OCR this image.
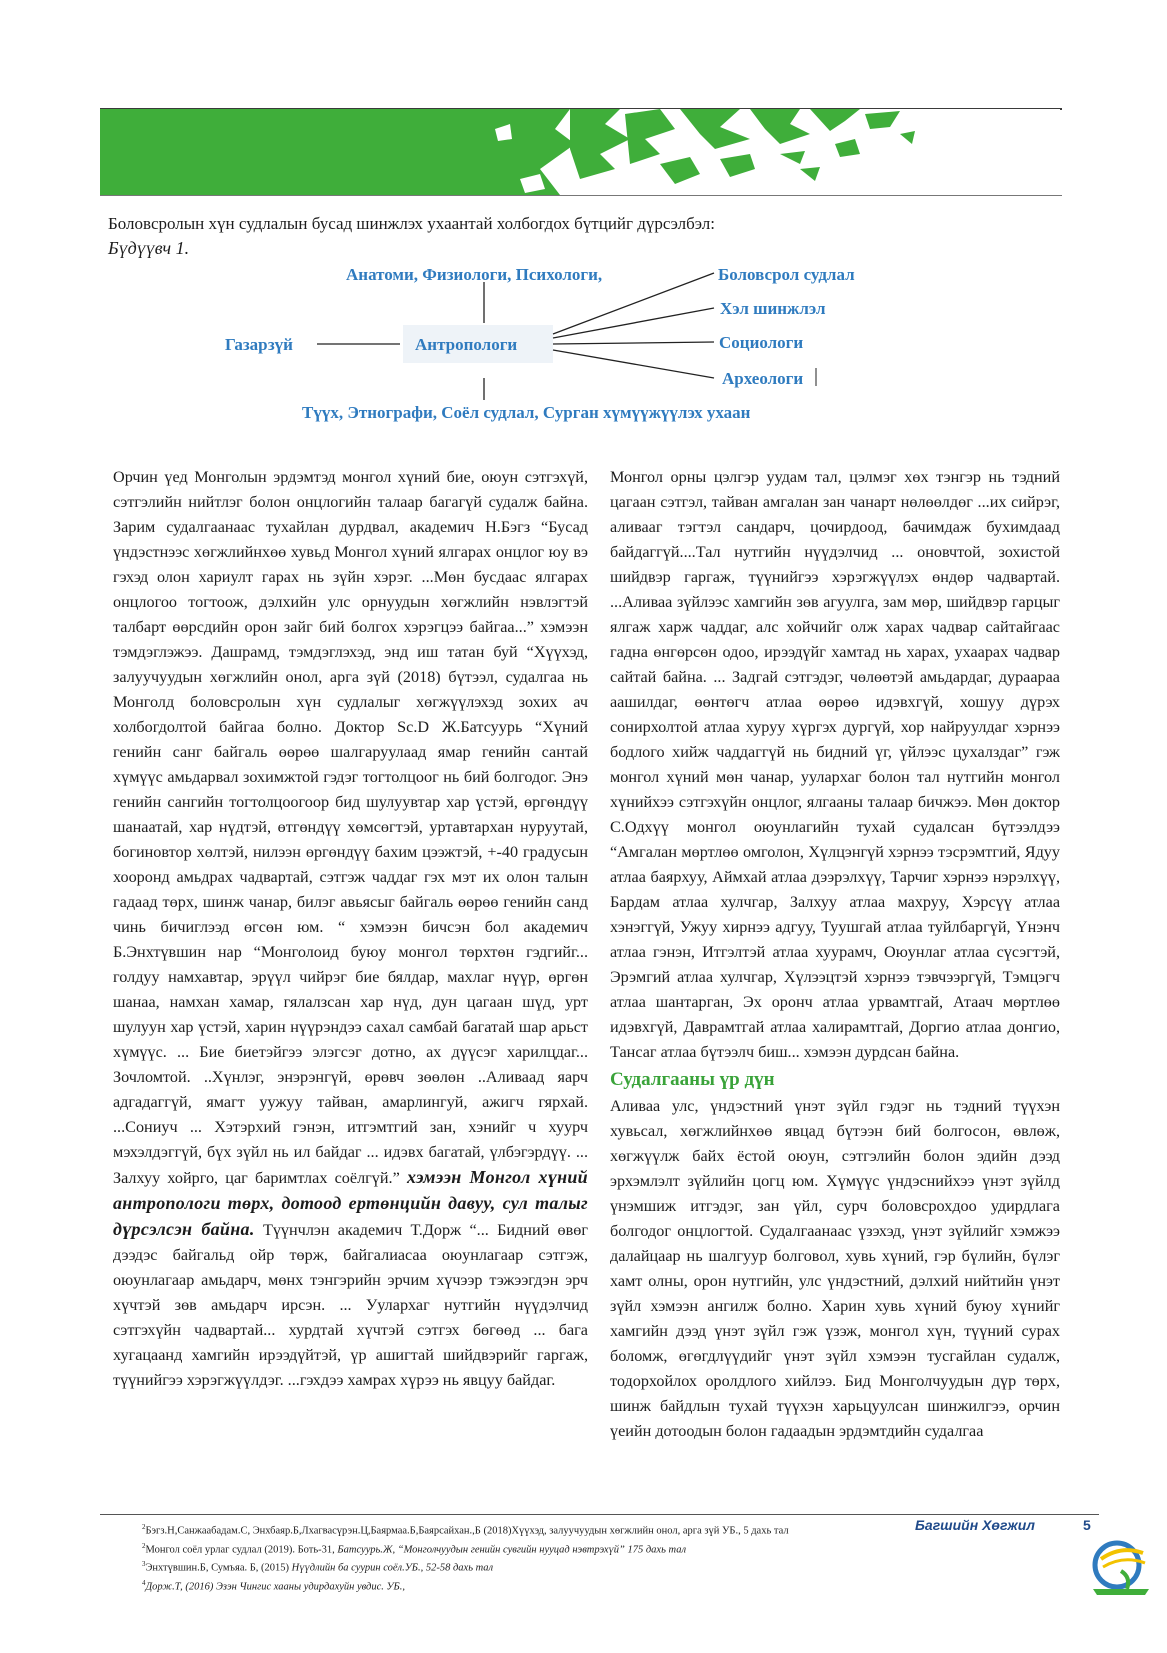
Боловсролын хүн судлалын бусад шинжлэх ухаантай холбогдох бүтцийг дүрсэлбэл:
Бүдүүвч 1.
Антропологи
Анатоми, Физиологи, Психологи,
Газарзүй
Түүх, Этнографи, Соёл судлал, Сурган хүмүүжүүлэх ухаан
Боловсрол судлал
Хэл шинжлэл
Социологи
Археологи

Орчин үед Монголын эрдэмтэд монгол хүний бие, оюун сэтгэхүй, сэтгэлийн нийтлэг болон онцлогийн талаар багагүй судалж байна. Зарим судалгаанаас тухайлан дурдвал, академич Н.Бэгз “Бусад үндэстнээс хөгжлийнхөө хувьд Монгол хүний ялгарах онцлог юу вэ гэхэд олон хариулт гарах нь зүйн хэрэг. ...Мөн бусдаас ялгарах онцлогоо тогтоож, дэлхийн улс орнуудын хөгжлийн нэвлэгтэй талбарт өөрсдийн орон зайг бий болгох хэрэгцээ байгаа...” хэмээн тэмдэглэжээ. Дашрамд, тэмдэглэхэд, энд иш татан буй “Хүүхэд, залуучуудын хөгжлийн онол, арга зүй (2018) бүтээл, судалгаа нь Монголд боловсролын хүн судлалыг хөгжүүлэхэд зохих ач холбогдолтой байгаа болно. Доктор Sc.D Ж.Батсуурь “Хүний генийн санг байгаль өөрөө шалгаруулаад ямар генийн сантай хүмүүс амьдарвал зохимжтой гэдэг тогтолцоог нь бий болгодог. Энэ генийн сангийн тогтолцоогоор бид шулуувтар хар үстэй, өргөндүү шанаатай, хар нүдтэй, өтгөндүү хөмсөгтэй, уртавтархан нуруутай, богиновтор хөлтэй, нилээн өргөндүү бахим цээжтэй, +-40 градусын хооронд амьдрах чадвартай, сэтгэж чаддаг гэх мэт их олон талын гадаад төрх, шинж чанар, билэг авьясыг байгаль өөрөө генийн санд чинь бичиглээд өгсөн юм. “ хэмээн бичсэн бол академич Б.Энхтүвшин нар “Монголоид буюу монгол төрхтөн гэдгийг... голдуу намхавтар, эрүүл чийрэг бие бялдар, махлаг нүүр, өргөн шанаа, намхан хамар, гялалзсан хар нүд, дун цагаан шүд, урт шулуун хар үстэй, харин нүүрэндээ сахал самбай багатай шар арьст хүмүүс. ... Бие биетэйгээ элэгсэг дотно, ах дүүсэг харилцдаг... Зочломтой. ..Хүнлэг, энэрэнгүй, өрөвч зөөлөн ..Аливаад яарч адгадаггүй, ямагт уужуу тайван, амарлингуй, ажигч гярхай. ...Сониуч ... Хэтэрхий гэнэн, итгэмтгий зан, хэнийг ч хуурч мэхэлдэггүй, бүх зүйл нь ил байдаг ... идэвх багатай, үлбэгэрдүү. ... Залхуу хойрго, цаг баримтлах соёлгүй.” хэмээн Монгол хүний антропологи төрх, дотоод ертөнцийн давуу, сул талыг дүрсэлсэн байна. Түүнчлэн академич Т.Дорж “... Бидний өвөг дээдэс байгальд ойр төрж, байгалиасаа оюунлагаар сэтгэж, оюунлагаар амьдарч, мөнх тэнгэрийн эрчим хүчээр тэжээгдэн эрч хүчтэй зөв амьдарч ирсэн. ... Уулархаг нутгийн нүүдэлчид сэтгэхүйн чадвартай... хурдтай хүчтэй сэтгэх бөгөөд ... бага хугацаанд хамгийн ирээдүйтэй, үр ашигтай шийдвэрийг гаргаж, түүнийгээ хэрэгжүүлдэг. ...гэхдээ хамрах хүрээ нь явцуу байдаг.

Монгол орны цэлгэр уудам тал, цэлмэг хөх тэнгэр нь тэдний цагаан сэтгэл, тайван амгалан зан чанарт нөлөөлдөг ...их сийрэг, аливааг тэгтэл сандарч, цочирдоод, бачимдаж бухимдаад байдаггүй....Тал нутгийн нүүдэлчид ... оновчтой, зохистой шийдвэр гаргаж, түүнийгээ хэрэгжүүлэх өндөр чадвартай. ...Аливаа зүйлээс хамгийн зөв агуулга, зам мөр, шийдвэр гарцыг ялгаж харж чаддаг, алс хойчийг олж харах чадвар сайтайгаас гадна өнгөрсөн одоо, ирээдүйг хамтад нь харах, ухаарах чадвар сайтай байна. ... Задгай сэтгэдэг, чөлөөтэй амьдардаг, дураараа аашилдаг, өөнтөгч атлаа өөрөө идэвхгүй, хошуу дүрэх сонирхолтой атлаа хуруу хүргэх дургүй, хор найруулдаг хэрнээ бодлого хийж чаддаггүй нь бидний үг, үйлээс цухалздаг” гэж монгол хүний мөн чанар, уулархаг болон тал нутгийн монгол хүнийхээ сэтгэхүйн онцлог, ялгааны талаар бичжээ. Мөн доктор С.Одхүү монгол оюунлагийн тухай судалсан бүтээлдээ “Амгалан мөртлөө омголон, Хүлцэнгүй хэрнээ тэсрэмтгий, Ядуу атлаа баярхуу, Аймхай атлаа дээрэлхүү, Тарчиг хэрнээ нэрэлхүү, Бардам атлаа хулчгар, Залхуу атлаа махруу, Хэрсүү атлаа хэнэггүй, Ужуу хирнээ адгуу, Туушгай атлаа туйлбаргүй, Үнэнч атлаа гэнэн, Итгэлтэй атлаа хуурамч, Оюунлаг атлаа сүсэгтэй, Эрэмгий атлаа хулчгар, Хүлээцтэй хэрнээ тэвчээргүй, Тэмцэгч атлаа шантарган, Эх оронч атлаа урвамтгай, Атаач мөртлөө идэвхгүй, Даврамтгай атлаа халирамтгай, Доргио атлаа донгио, Тансаг атлаа бүтээлч биш... хэмээн дурдсан байна.

Судалгааны үр дүн

Аливаа улс, үндэстний үнэт зүйл гэдэг нь тэдний түүхэн хувьсал, хөгжлийнхөө явцад бүтээн бий болгосон, өвлөж, хөгжүүлж байх ёстой оюун, сэтгэлийн болон эдийн дээд эрхэмлэлт зүйлийн цогц юм. Хүмүүс үндэснийхээ үнэт зүйлд үнэмшиж итгэдэг, зан үйл, сурч боловсрохдоо удирдлага болгодог онцлогтой. Судалгаанаас үзэхэд, үнэт зүйлийг хэмжээ далайцаар нь шалгуур болговол, хувь хүний, гэр бүлийн, бүлэг хамт олны, орон нутгийн, улс үндэстний, дэлхий нийтийн үнэт зүйл хэмээн ангилж болно. Харин хувь хүний буюу хүнийг хамгийн дээд үнэт зүйл гэж үзэж, монгол хүн, түүний сурах боломж, өгөгдлүүдийг үнэт зүйл хэмээн тусгайлан судалж, тодорхойлох оролдлого хийлээ. Бид Монголчуудын дүр төрх, шинж байдлын тухай түүхэн харьцуулсан шинжилгээ, орчин үеийн дотоодын болон гадаадын эрдэмтдийн судалгаа

$^2$Бэгз.Н,Санжаабадам.С, Энхбаяр.Б,Лхагвасүрэн.Ц,Баярмаа.Б,Баярсайхан.,Б (2018)Хүүхэд, залуучуудын хөгжлийн онол, арга зүй УБ., 5 дахь тал
$^2$Монгол соёл урлаг судлал (2019). Боть-31, Батсуурь.Ж, “Монголчуудын генийн сувгийн нууцад нэвтрэхүй” 175 дахь тал
$^3$Энхтүвшин.Б, Сумъяа. Б, (2015) Нүүдлийн ба суурин соёл.УБ., 52-58 дахь тал
$^4$Дорж.Т, (2016) Эзэн Чингис хааны удирдахуйн увдис. УБ.,
Багшийн Хөгжил	5
